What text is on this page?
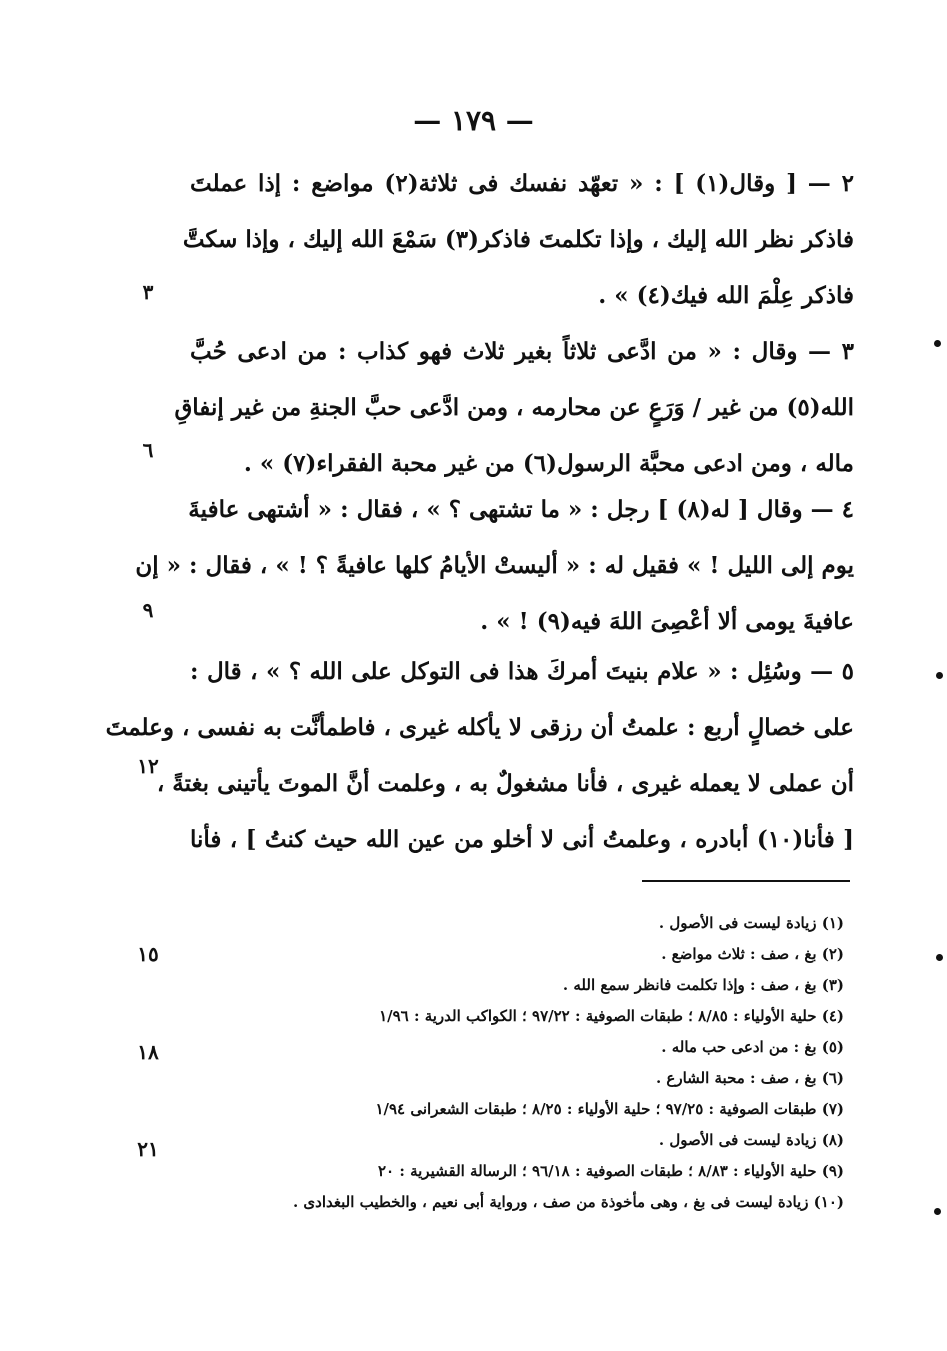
— ١٧٩ —
٢ — [ وقال(١) ] : « تعهّد نفسك فى ثلاثة(٢) مواضع : إذا عملتَ
فاذكر نظر الله إليك ، وإذا تكلمتَ فاذكر(٣) سَمْعَ الله إليك ، وإذا سكتَّ
فاذكر عِلْمَ الله فيك(٤) » .
٣ — وقال : « من ادَّعى ثلاثاً بغير ثلاث فهو كذاب : من ادعى حُبَّ
الله(٥) من غير / وَرَعٍ عن محارمه ، ومن ادَّعى حبَّ الجنةِ من غير إنفاقِ
ماله ، ومن ادعى محبَّة الرسول(٦) من غير محبة الفقراء(٧) » .
٤ — وقال [ له(٨) ] رجل : « ما تشتهى ؟ » ، فقال : « أشتهى عافيةَ
يوم إلى الليل ! » فقيل له : « أليستْ الأيامُ كلها عافيةً ؟ ! » ، فقال : « إن
عافيةَ يومى ألا أعْصِىَ اللهَ فيه(٩) ! » .
٥ — وسُئِل : « علام بنيتَ أمركَ هذا فى التوكل على الله ؟ » ، قال :
على خصالٍ أربع : علمتُ أن رزقى لا يأكله غيرى ، فاطمأنَّت به نفسى ، وعلمتَ
أن عملى لا يعمله غيرى ، فأنا مشغولٌ به ، وعلمت أنَّ الموتَ يأتينى بغتةً ،
[ فأنا(١٠) أبادره ، وعلمتُ أنى لا أخلو من عين الله حيث كنتُ ] ، فأنا
٣
٦
٩
١٢
١٥
١٨
٢١
(١) زيادة ليست فى الأصول .
(٢) بغ ، صف : ثلاث مواضع .
(٣) بغ ، صف : وإذا تكلمت فانظر سمع الله .
(٤) حلية الأولياء : ٨/٨٥ ؛ طبقات الصوفية : ٩٧/٢٢ ؛ الكواكب الدرية : ١/٩٦
(٥) بغ : من ادعى حب ماله .
(٦) بغ ، صف : محبة الشارع .
(٧) طبقات الصوفية : ٩٧/٢٥ ؛ حلية الأولياء : ٨/٢٥ ؛ طبقات الشعرانى ١/٩٤
(٨) زيادة ليست فى الأصول .
(٩) حلية الأولياء : ٨/٨٣ ؛ طبقات الصوفية : ٩٦/١٨ ؛ الرسالة القشيرية : ٢٠
(١٠) زيادة ليست فى بغ ، وهى مأخوذة من صف ، ورواية أبى نعيم ، والخطيب البغدادى .
